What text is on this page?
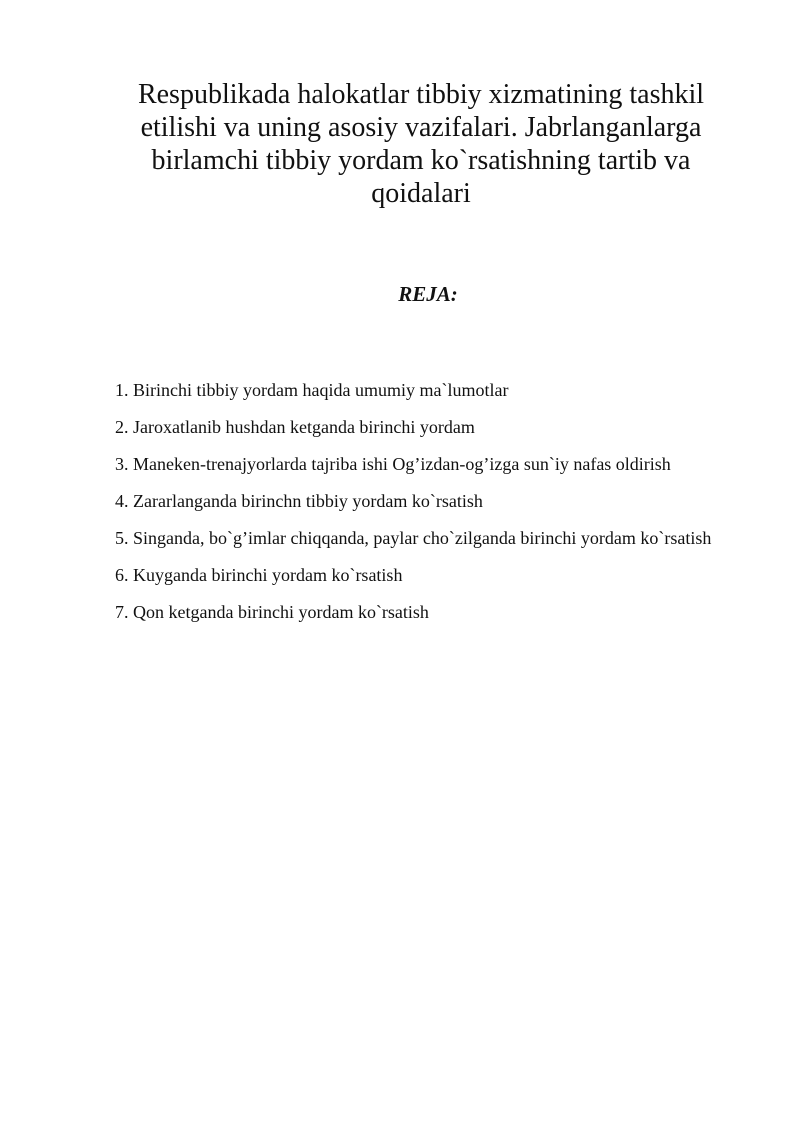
Respublikada halokatlar tibbiy xizmatining tashkil etilishi va uning asosiy vazifalari. Jabrlanganlarga birlamchi tibbiy yordam ko`rsatishning tartib va qoidalari
REJA:
1. Birinchi tibbiy yordam haqida umumiy ma`lumotlar
2. Jaroxatlanib hushdan ketganda birinchi yordam
3. Maneken-trenajyorlarda tajriba ishi Og’izdan-og’izga sun`iy nafas oldirish
4. Zararlanganda birinchn tibbiy yordam ko`rsatish
5. Singanda, bo`g’imlar chiqqanda, paylar cho`zilganda birinchi yordam ko`rsatish
6. Kuyganda birinchi yordam ko`rsatish
7. Qon ketganda birinchi yordam ko`rsatish
